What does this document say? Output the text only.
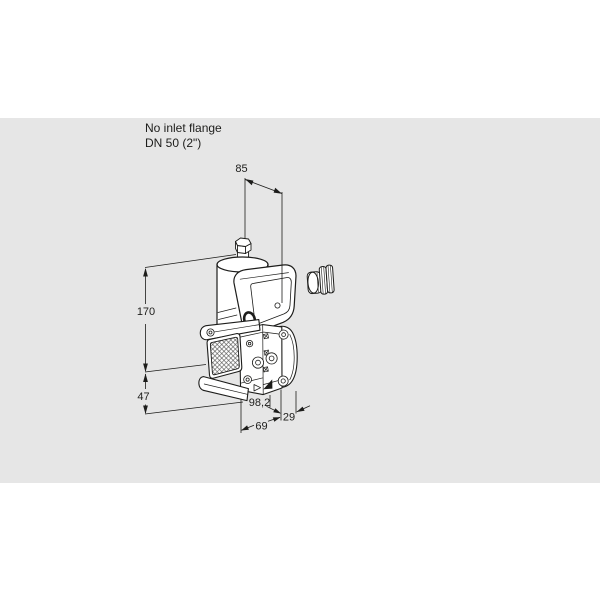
No inlet flange
DN 50 (2")
85
170
47	98,2
69
29
